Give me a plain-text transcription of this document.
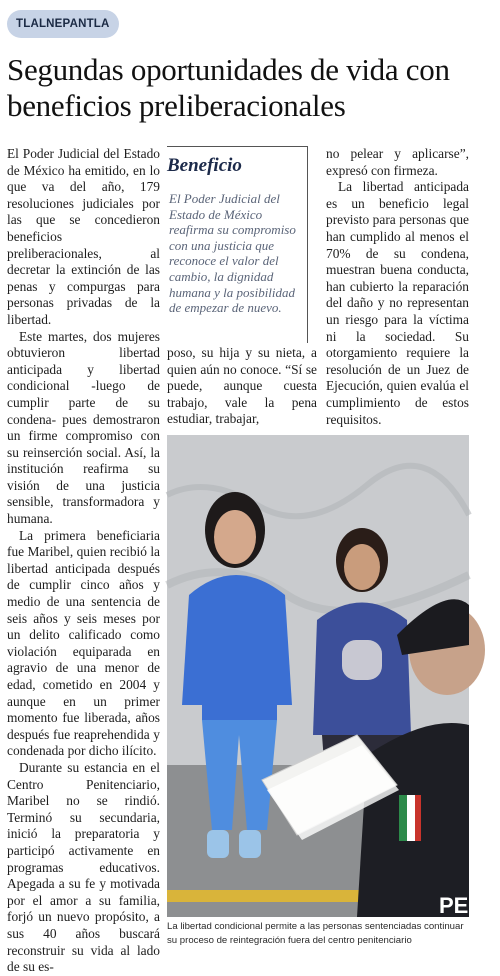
TLALNEPANTLA
Segundas oportunidades de vida con beneficios preliberacionales

El Poder Judicial del Estado de México ha emitido, en lo que va del año, 179 resoluciones judiciales por las que se concedieron beneficios preliberacionales, al decretar la extinción de las penas y compurgas para personas privadas de la libertad.

Este martes, dos mujeres obtuvieron libertad anticipada y libertad condicional -luego de cumplir parte de su condena- pues demostraron un firme compromiso con su reinserción social. Así, la institución reafirma su visión de una justicia sensible, transformadora y humana.

La primera beneficiaria fue Maribel, quien recibió la libertad anticipada después de cumplir cinco años y medio de una sentencia de seis años y seis meses por un delito calificado como violación equiparada en agravio de una menor de edad, cometido en 2004 y aunque en un primer momento fue liberada, años después fue reaprehendida y condenada por dicho ilícito.

Durante su estancia en el Centro Penitenciario, Maribel no se rindió. Terminó su secundaria, inició la preparatoria y participó activamente en programas educativos. Apegada a su fe y motivada por el amor a su familia, forjó un nuevo propósito, a sus 40 años buscará reconstruir su vida al lado de su es-

Beneficio

El Poder Judicial del Estado de México reafirma su compromiso con una justicia que reconoce el valor del cambio, la dignidad humana y la posibilidad de empezar de nuevo.

poso, su hija y su nieta, a quien aún no conoce. “Sí se puede, aunque cuesta trabajo, vale la pena estudiar, trabajar,

no pelear y aplicarse”, expresó con firmeza.

La libertad anticipada es un beneficio legal previsto para personas que han cumplido al menos el 70% de su condena, muestran buena conducta, han cubierto la reparación del daño y no representan un riesgo para la víctima ni la sociedad. Su otorgamiento requiere la resolución de un Juez de Ejecución, quien evalúa el cumplimiento de estos requisitos.

PE

La libertad condicional permite a las personas sentenciadas continuar su proceso de reintegración fuera del centro penitenciario
